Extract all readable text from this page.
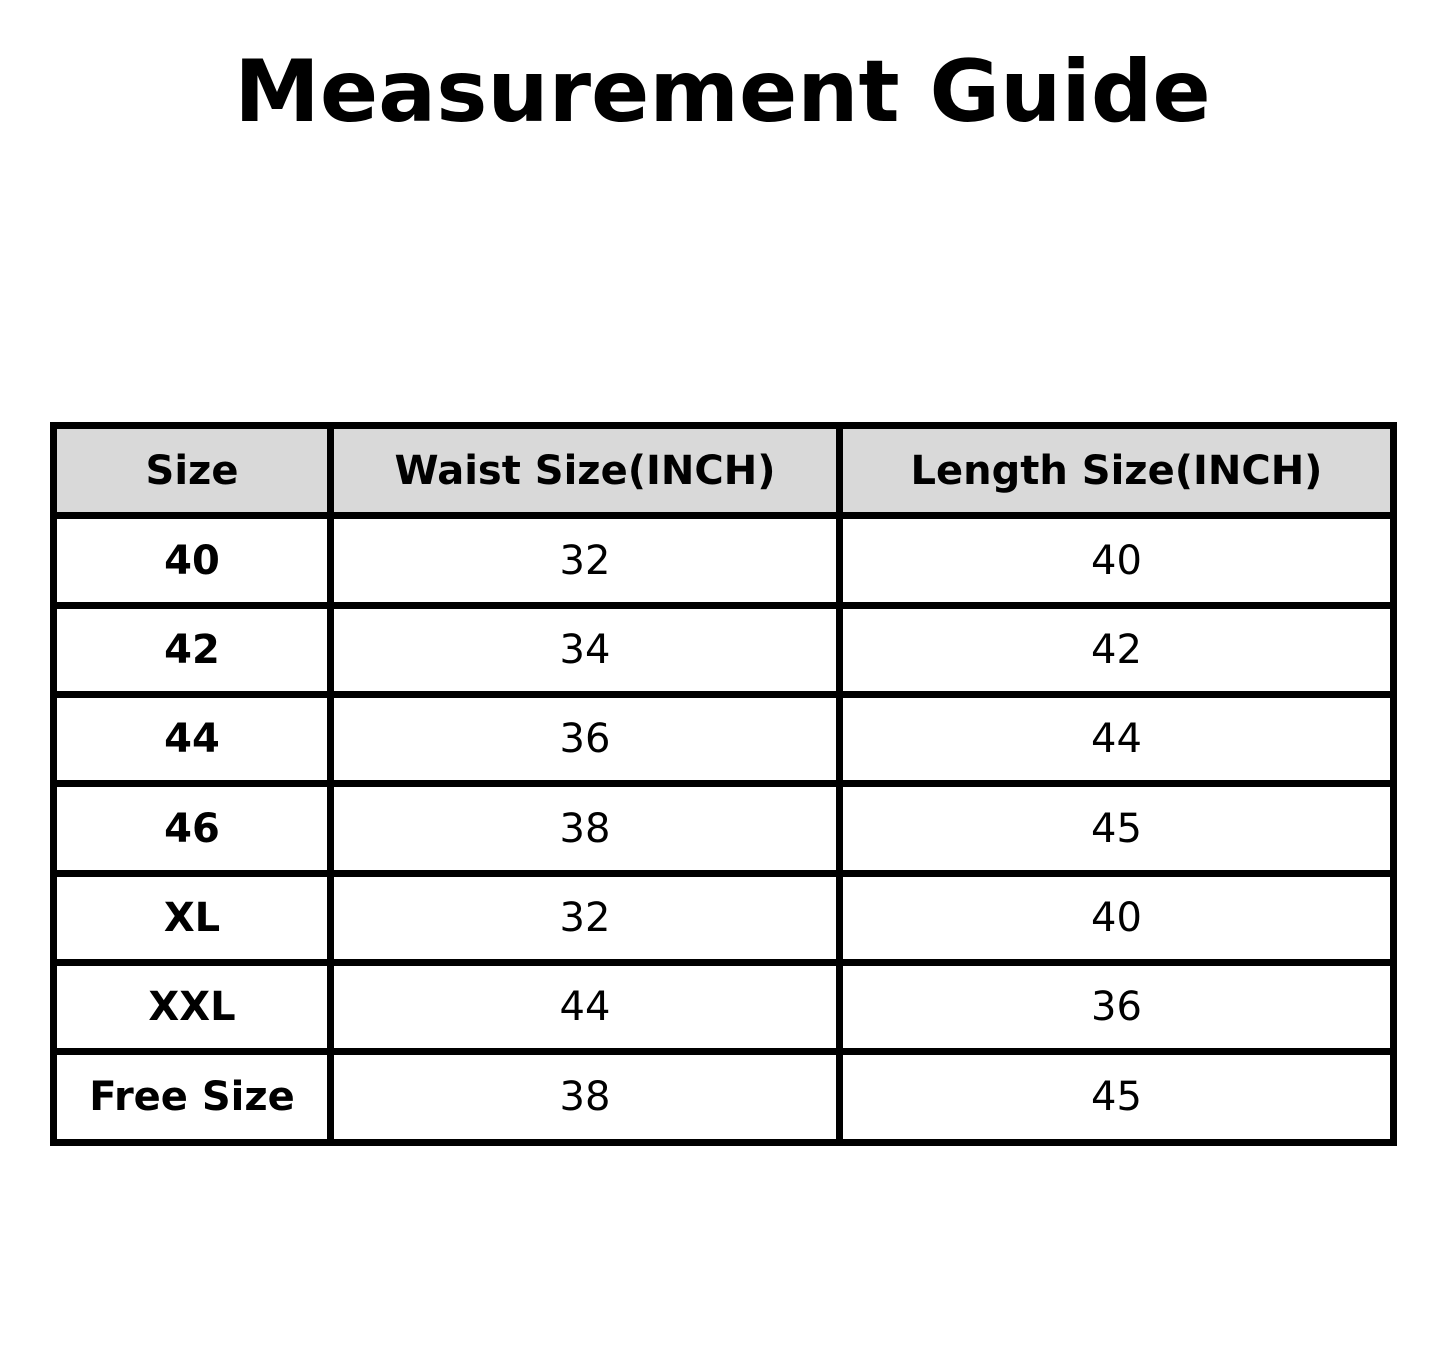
Measurement Guide
Size	Waist Size(INCH)	Length Size(INCH)
40	32	40
42	34	42
44	36	44
46	38	45
XL	32	40
XXL	44	36
Free Size	38	45
